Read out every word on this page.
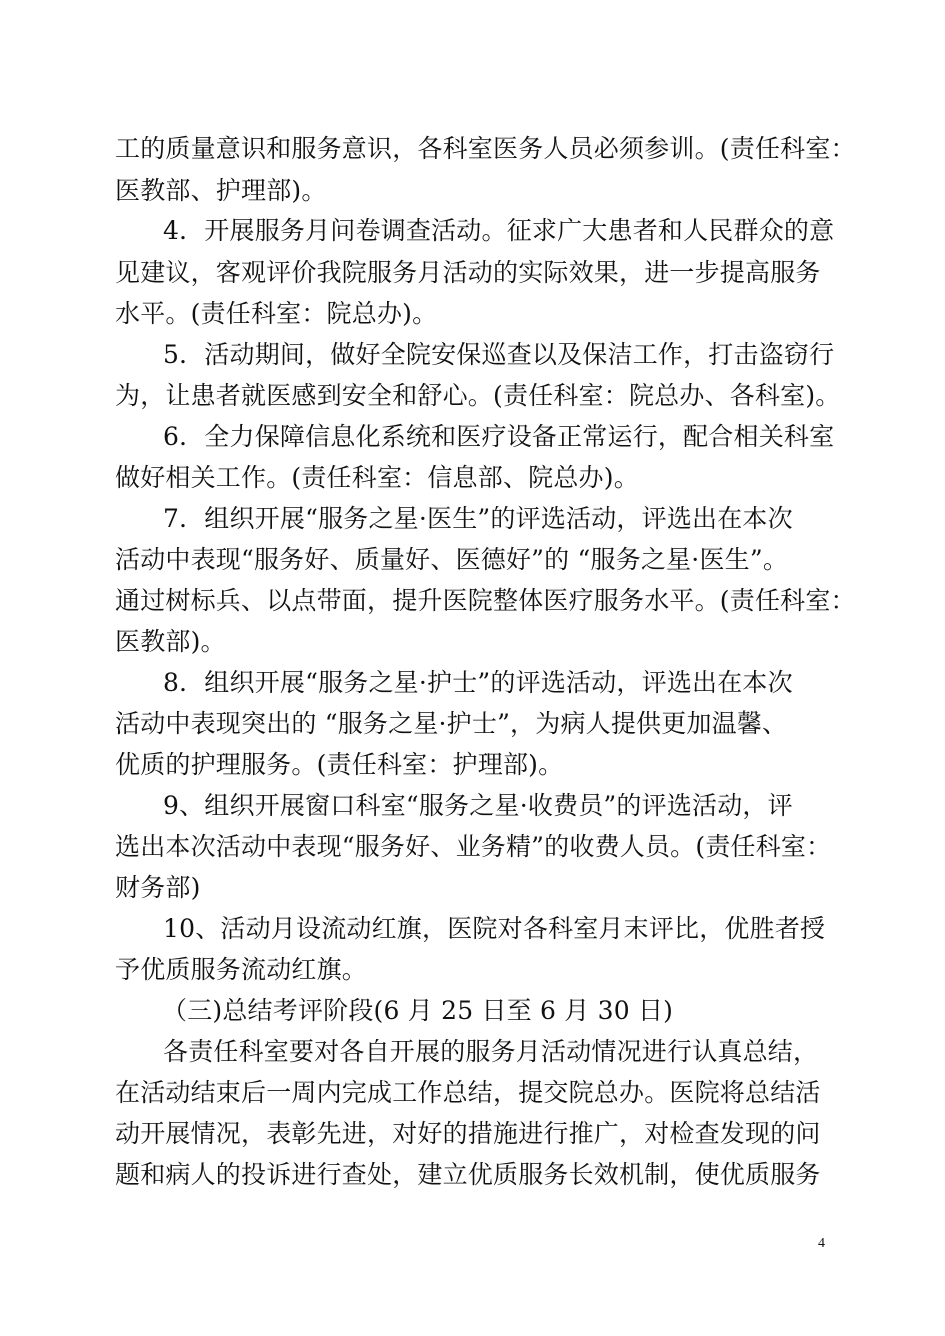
工的质量意识和服务意识，各科室医务人员必须参训。(责任科室：
医教部、护理部)。
4．开展服务月问卷调查活动。征求广大患者和人民群众的意
见建议，客观评价我院服务月活动的实际效果，进一步提高服务
水平。(责任科室：院总办)。
5．活动期间，做好全院安保巡查以及保洁工作，打击盗窃行
为，让患者就医感到安全和舒心。(责任科室：院总办、各科室)。
6．全力保障信息化系统和医疗设备正常运行，配合相关科室
做好相关工作。(责任科室：信息部、院总办)。
7．组织开展“服务之星·医生”的评选活动，评选出在本次
活动中表现“服务好、质量好、医德好”的 “服务之星·医生”。
通过树标兵、以点带面，提升医院整体医疗服务水平。(责任科室：
医教部)。
8．组织开展“服务之星·护士”的评选活动，评选出在本次
活动中表现突出的 “服务之星·护士”，为病人提供更加温馨、
优质的护理服务。(责任科室：护理部)。
9、组织开展窗口科室“服务之星·收费员”的评选活动，评
选出本次活动中表现“服务好、业务精”的收费人员。(责任科室：
财务部)
10、活动月设流动红旗，医院对各科室月末评比，优胜者授
予优质服务流动红旗。
（三)总结考评阶段(6 月 25 日至 6 月 30 日)
各责任科室要对各自开展的服务月活动情况进行认真总结，
在活动结束后一周内完成工作总结，提交院总办。医院将总结活
动开展情况，表彰先进，对好的措施进行推广，对检查发现的问
题和病人的投诉进行查处，建立优质服务长效机制，使优质服务
4
